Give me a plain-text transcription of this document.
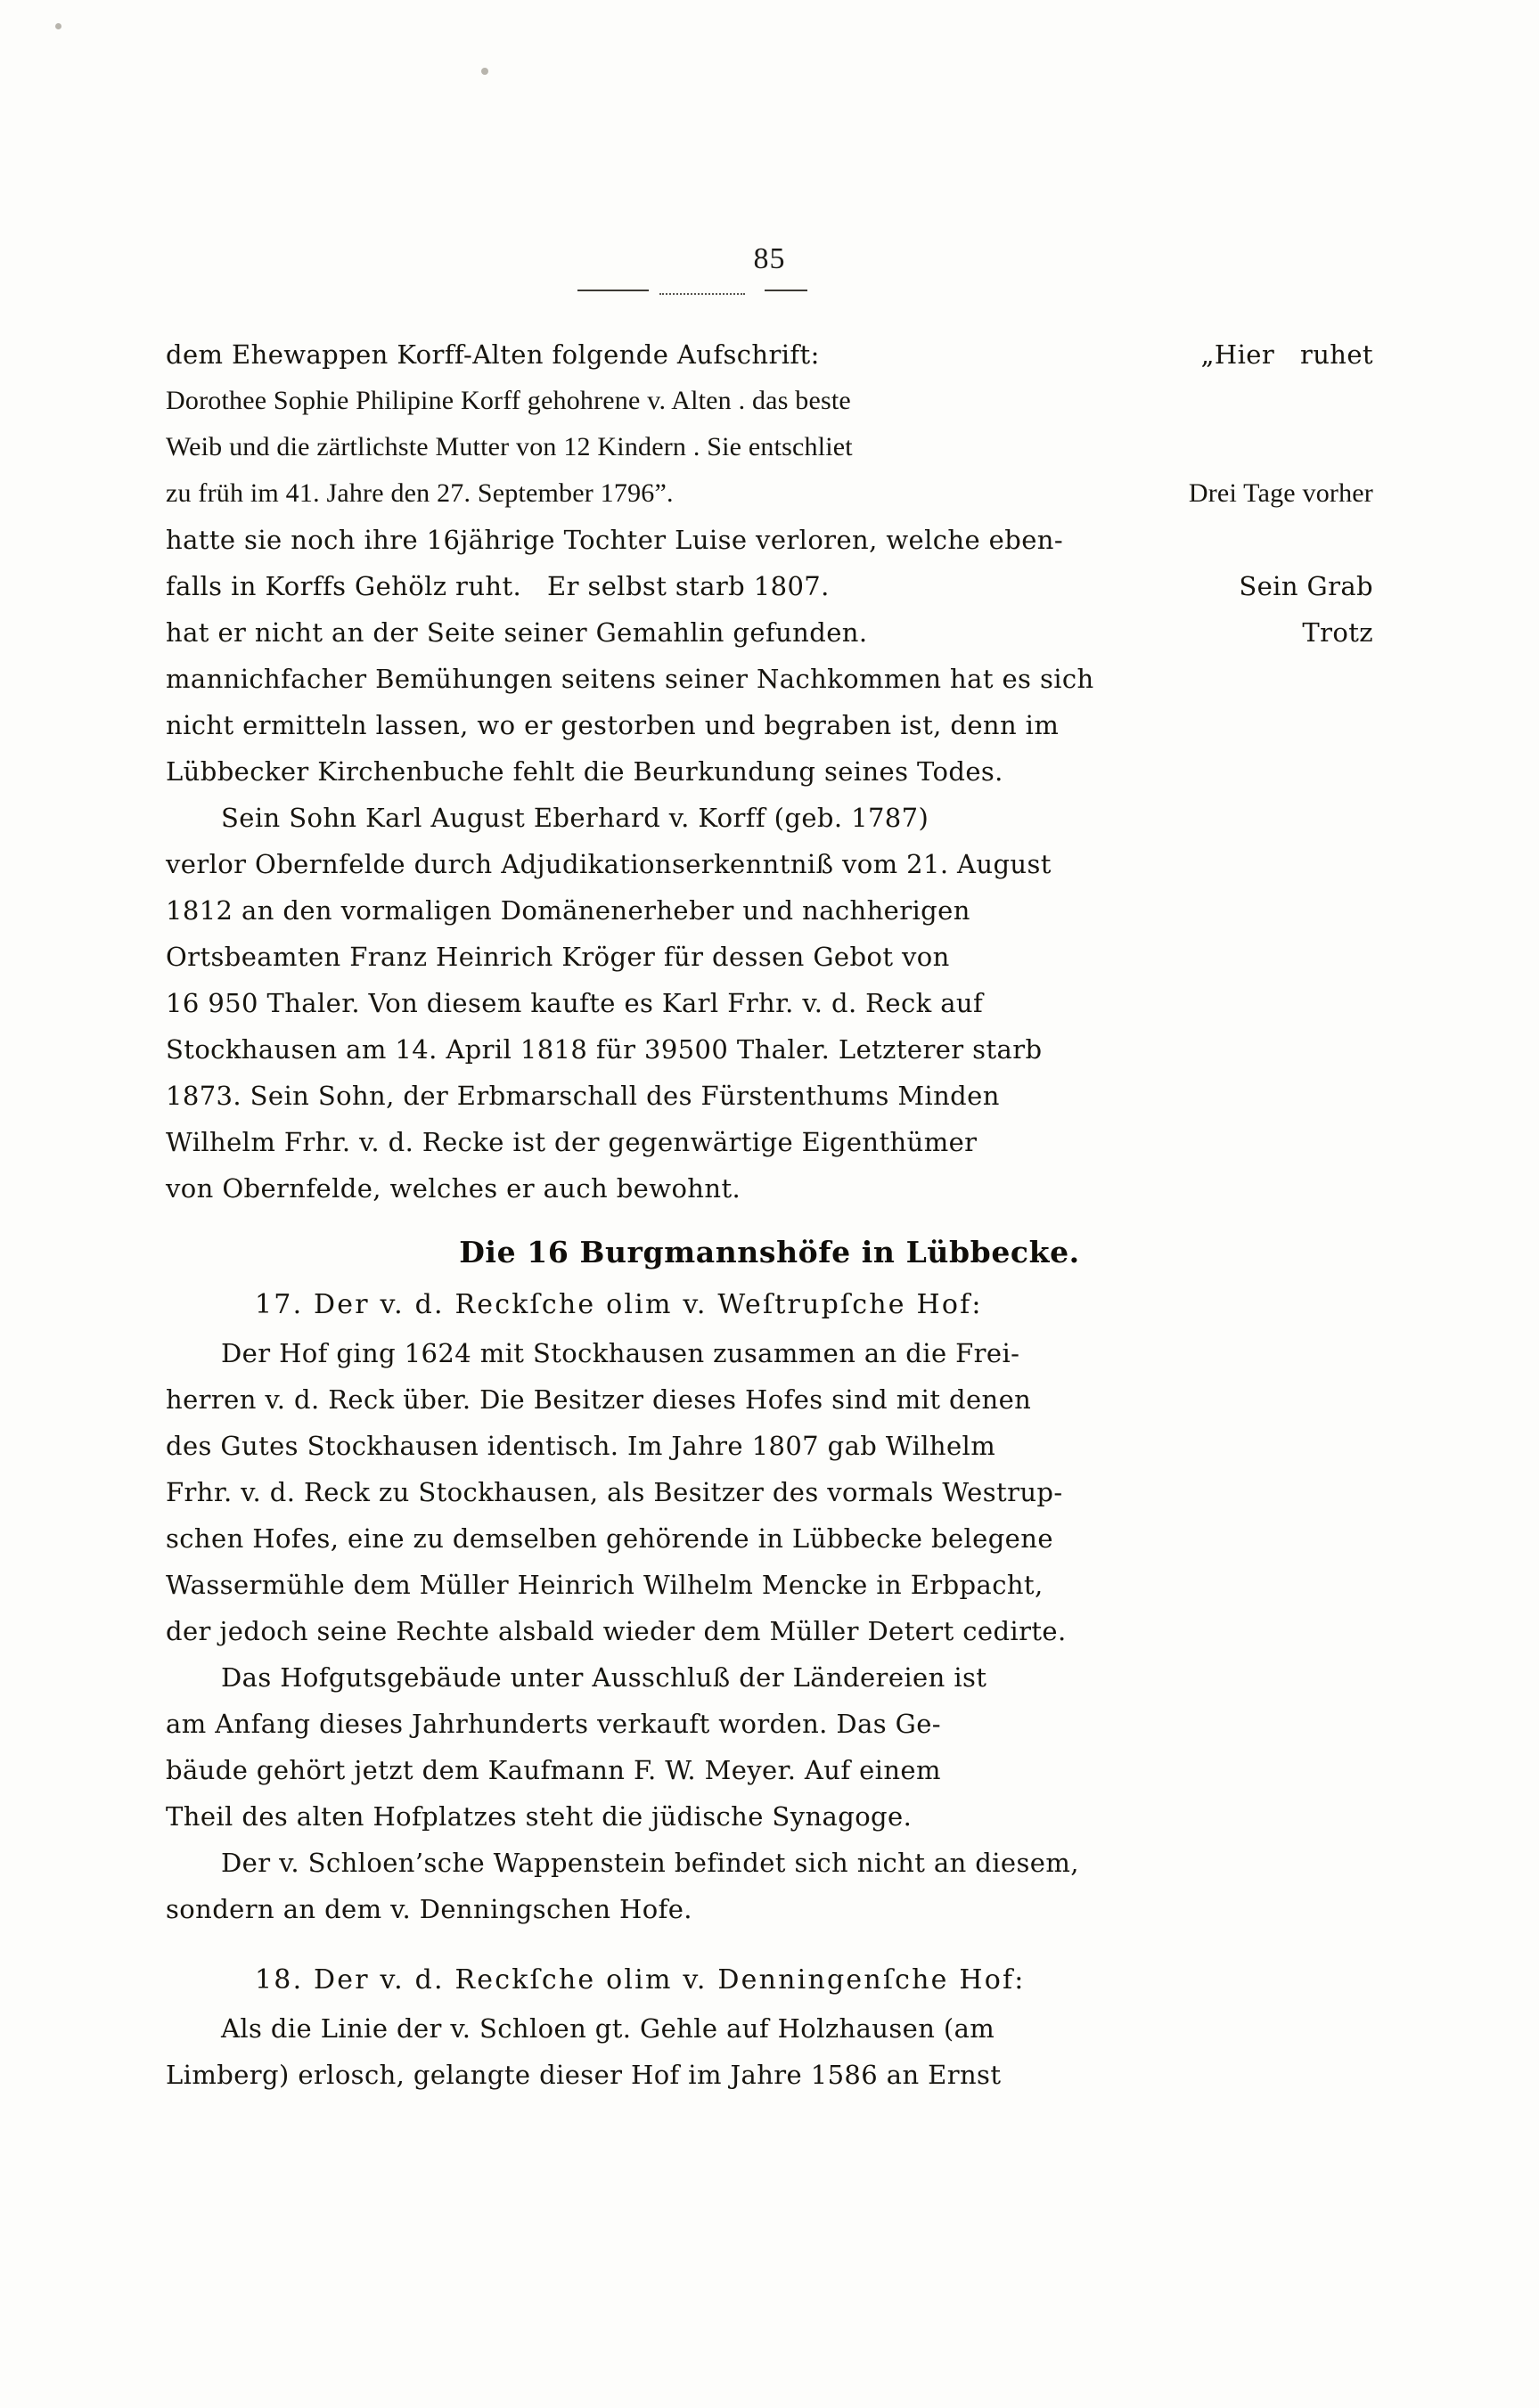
85
dem Ehewappen Korff-Alten folgende Aufschrift:	„Hier   ruhet
Dorothee Sophie Philipine Korff gehohrene v. Alten . das beste
Weib und die zärtlichste Mutter von 12 Kindern . Sie entschliet
zu früh im 41. Jahre den 27. September 1796”.	Drei Tage vorher
hatte sie noch ihre 16jährige Tochter Luise verloren, welche eben-
falls in Korffs Gehölz ruht.   Er selbst starb 1807.	Sein Grab
hat er nicht an der Seite seiner Gemahlin gefunden.	Trotz
mannichfacher Bemühungen seitens seiner Nachkommen hat es sich
nicht ermitteln lassen, wo er gestorben und begraben ist, denn im
Lübbecker Kirchenbuche fehlt die Beurkundung seines Todes.
Sein Sohn Karl August Eberhard v. Korff (geb. 1787)
verlor Obernfelde durch Adjudikationserkenntniß vom 21. August
1812 an den vormaligen Domänenerheber und nachherigen
Ortsbeamten Franz Heinrich Kröger für dessen Gebot von
16 950 Thaler. Von diesem kaufte es Karl Frhr. v. d. Reck auf
Stockhausen am 14. April 1818 für 39500 Thaler. Letzterer starb
1873. Sein Sohn, der Erbmarschall des Fürstenthums Minden
Wilhelm Frhr. v. d. Recke ist der gegenwärtige Eigenthümer
von Obernfelde, welches er auch bewohnt.
Die 16 Burgmannshöfe in Lübbecke.
17. Der v. d. Reckſche olim v. Weſtrupſche Hof:
Der Hof ging 1624 mit Stockhausen zusammen an die Frei-
herren v. d. Reck über. Die Besitzer dieses Hofes sind mit denen
des Gutes Stockhausen identisch. Im Jahre 1807 gab Wilhelm
Frhr. v. d. Reck zu Stockhausen, als Besitzer des vormals Westrup-
schen Hofes, eine zu demselben gehörende in Lübbecke belegene
Wassermühle dem Müller Heinrich Wilhelm Mencke in Erbpacht,
der jedoch seine Rechte alsbald wieder dem Müller Detert cedirte.
Das Hofgutsgebäude unter Ausschluß der Ländereien ist
am Anfang dieses Jahrhunderts verkauft worden. Das Ge-
bäude gehört jetzt dem Kaufmann F. W. Meyer. Auf einem
Theil des alten Hofplatzes steht die jüdische Synagoge.
Der v. Schloen’sche Wappenstein befindet sich nicht an diesem,
sondern an dem v. Denningschen Hofe.
18. Der v. d. Reckſche olim v. Denningenſche Hof:
Als die Linie der v. Schloen gt. Gehle auf Holzhausen (am
Limberg) erlosch, gelangte dieser Hof im Jahre 1586 an Ernst
